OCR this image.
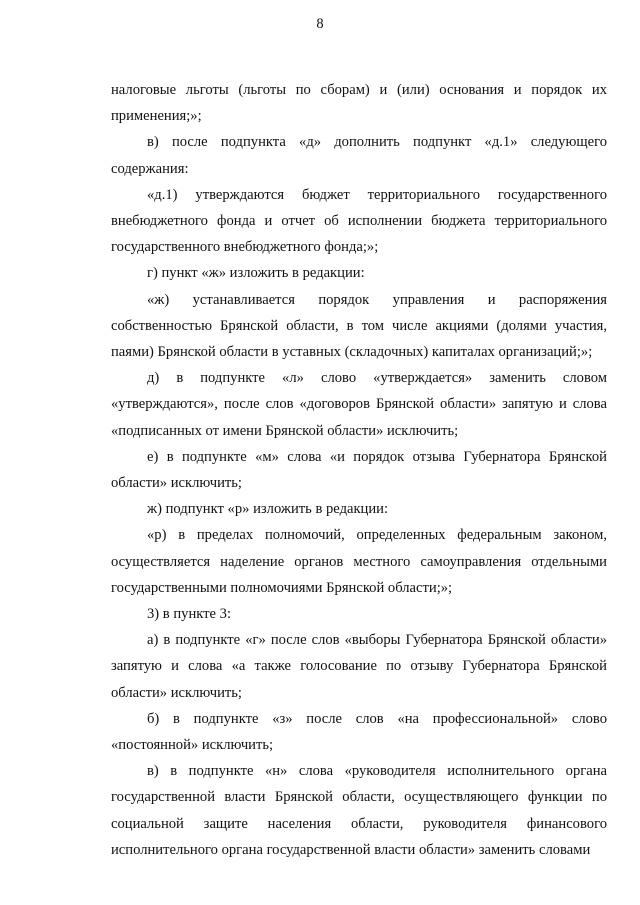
8

налоговые льготы (льготы по сборам) и (или) основания и порядок их применения;»;

в) после подпункта «д» дополнить подпункт «д.1» следующего содержания:

«д.1) утверждаются бюджет территориального государственного внебюджетного фонда и отчет об исполнении бюджета территориального государственного внебюджетного фонда;»;

г) пункт «ж» изложить в редакции:

«ж) устанавливается порядок управления и распоряжения собственностью Брянской области, в том числе акциями (долями участия, паями) Брянской области в уставных (складочных) капиталах организаций;»;

д) в подпункте «л» слово «утверждается» заменить словом «утверждаются», после слов «договоров Брянской области» запятую и слова «подписанных от имени Брянской области» исключить;

е) в подпункте «м» слова «и порядок отзыва Губернатора Брянской области» исключить;

ж) подпункт «р» изложить в редакции:

«р) в пределах полномочий, определенных федеральным законом, осуществляется наделение органов местного самоуправления отдельными государственными полномочиями Брянской области;»;

3) в пункте 3:

а) в подпункте «г» после слов «выборы Губернатора Брянской области» запятую и слова «а также голосование по отзыву Губернатора Брянской области» исключить;

б) в подпункте «з» после слов «на профессиональной» слово «постоянной» исключить;

в) в подпункте «н» слова «руководителя исполнительного органа государственной власти Брянской области, осуществляющего функции по социальной защите населения области, руководителя финансового исполнительного органа государственной власти области» заменить словами
